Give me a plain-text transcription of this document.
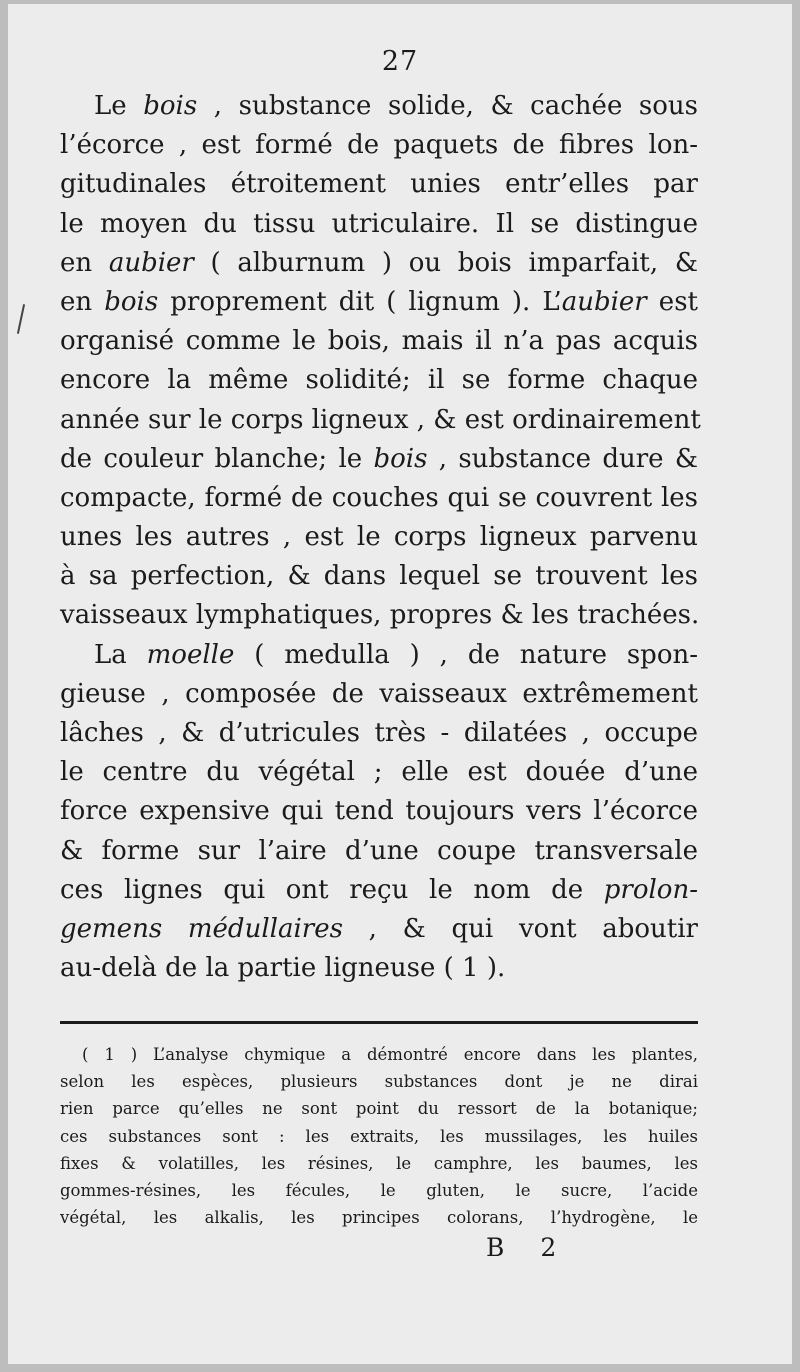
27
Le bois , substance solide, & cachée sous
l’écorce , est formé de paquets de fibres lon-
gitudinales étroitement unies entr’elles par
le moyen du tissu utriculaire. Il se distingue
en aubier ( alburnum ) ou bois imparfait, &
en bois proprement dit ( lignum ). L’aubier est
organisé comme le bois, mais il n’a pas acquis
encore la même solidité; il se forme chaque
année sur le corps ligneux , & est ordinairement
de couleur blanche; le bois , substance dure &
compacte, formé de couches qui se couvrent les
unes les autres , est le corps ligneux parvenu
à sa perfection, & dans lequel se trouvent les
vaisseaux lymphatiques, propres & les trachées.
La moelle ( medulla ) , de nature spon-
gieuse , composée de vaisseaux extrêmement
lâches , & d’utricules très - dilatées , occupe
le centre du végétal ; elle est douée d’une
force expensive qui tend toujours vers l’écorce
& forme sur l’aire d’une coupe transversale
ces lignes qui ont reçu le nom de prolon-
gemens médullaires , & qui vont aboutir
au-delà de la partie ligneuse ( 1 ).
( 1 ) L’analyse chymique a démontré encore dans les plantes,
selon les espèces, plusieurs substances dont je ne dirai
rien parce qu’elles ne sont point du ressort de la botanique;
ces substances sont : les extraits, les mussilages, les huiles
fixes & volatilles, les résines, le camphre, les baumes, les
gommes-résines, les fécules, le gluten, le sucre, l’acide
végétal, les alkalis, les principes colorans, l’hydrogène, le
B 2
